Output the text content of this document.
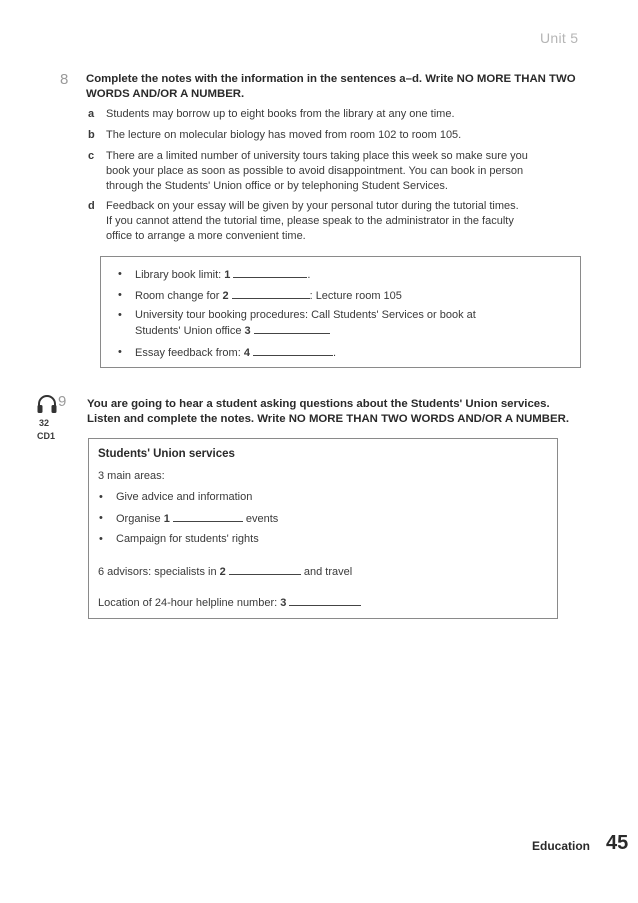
Unit 5
8 Complete the notes with the information in the sentences a–d. Write NO MORE THAN TWO
WORDS AND/OR A NUMBER.
a Students may borrow up to eight books from the library at any one time.
b The lecture on molecular biology has moved from room 102 to room 105.
c There are a limited number of university tours taking place this week so make sure you
book your place as soon as possible to avoid disappointment. You can book in person
through the Students' Union office or by telephoning Student Services.
d Feedback on your essay will be given by your personal tutor during the tutorial times.
If you cannot attend the tutorial time, please speak to the administrator in the faculty
office to arrange a more convenient time.
• Library book limit: 1	.
• Room change for 2	: Lecture room 105
• University tour booking procedures: Call Students' Services or book at
Students' Union office 3
• Essay feedback from: 4	.
9
32
CD1
You are going to hear a student asking questions about the Students' Union services.
Listen and complete the notes. Write NO MORE THAN TWO WORDS AND/OR A NUMBER.
Students' Union services
3 main areas:
• Give advice and information
• Organise 1	events
• Campaign for students' rights
6 advisors: specialists in 2	and travel
Location of 24-hour helpline number: 3
Education 45
